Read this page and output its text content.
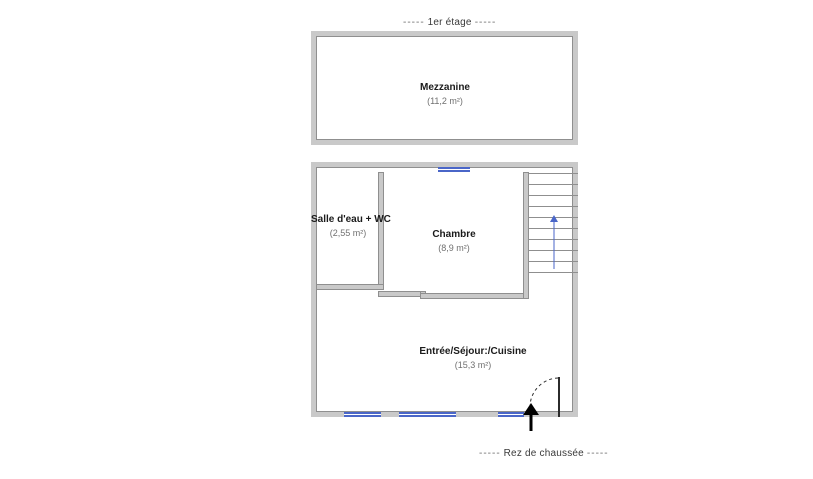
----- 1er étage -----
Mezzanine
(11,2 m²)
Salle d'eau + WC
(2,55 m²)	Chambre
(8,9 m²)
Entrée/Séjour:/Cuisine
(15,3 m²)
----- Rez de chaussée -----
